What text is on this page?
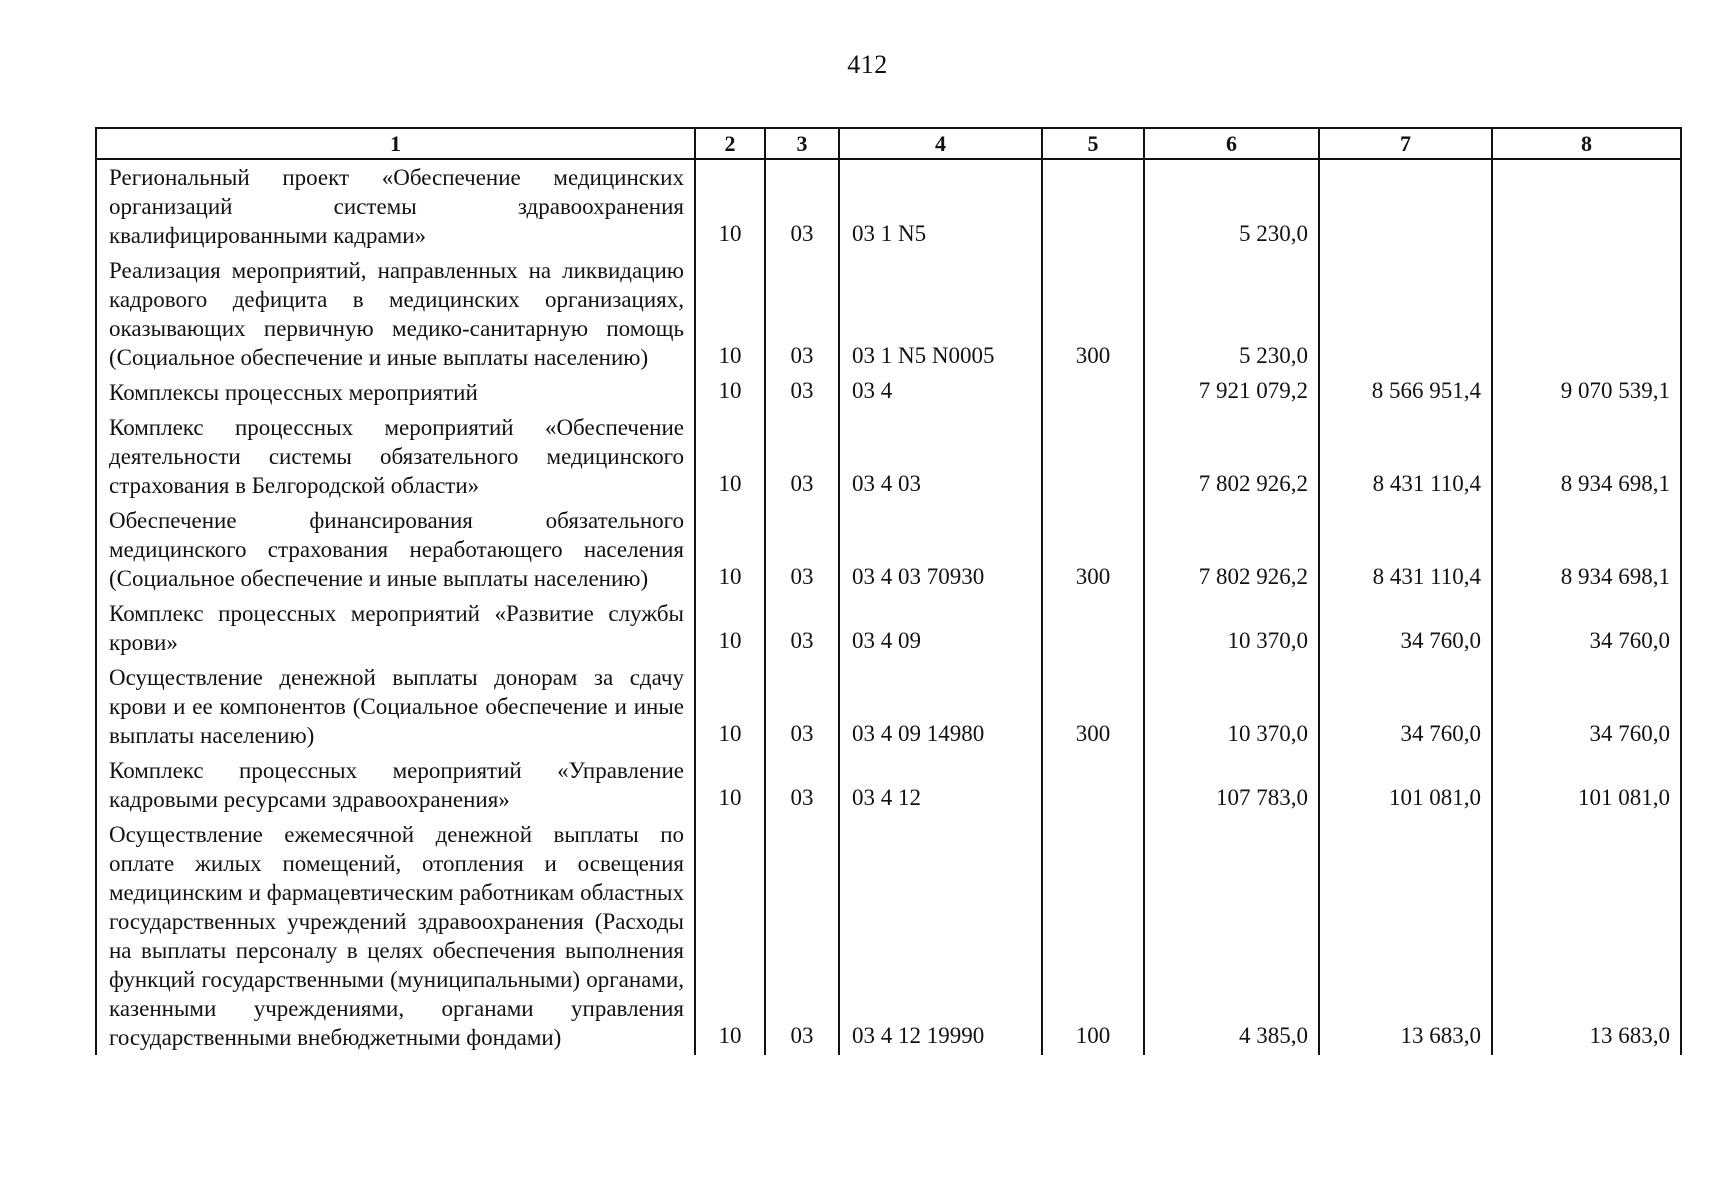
412
1	2	3	4	5	6	7	8
Региональный проект «Обеспечение медицинских организаций системы здравоохранения квалифицированными кадрами»	10	03	03 1 N5		5 230,0		
Реализация мероприятий, направленных на ликвидацию кадрового дефицита в медицинских организациях, оказывающих первичную медико-санитарную помощь (Социальное обеспечение и иные выплаты населению)	10	03	03 1 N5 N0005	300	5 230,0		
Комплексы процессных мероприятий	10	03	03 4		7 921 079,2	8 566 951,4	9 070 539,1
Комплекс процессных мероприятий «Обеспечение деятельности системы обязательного медицинского страхования в Белгородской области»	10	03	03 4 03		7 802 926,2	8 431 110,4	8 934 698,1
Обеспечение финансирования обязательного медицинского страхования неработающего населения (Социальное обеспечение и иные выплаты населению)	10	03	03 4 03 70930	300	7 802 926,2	8 431 110,4	8 934 698,1
Комплекс процессных мероприятий «Развитие службы крови»	10	03	03 4 09		10 370,0	34 760,0	34 760,0
Осуществление денежной выплаты донорам за сдачу крови и ее компонентов (Социальное обеспечение и иные выплаты населению)	10	03	03 4 09 14980	300	10 370,0	34 760,0	34 760,0
Комплекс процессных мероприятий «Управление кадровыми ресурсами здравоохранения»	10	03	03 4 12		107 783,0	101 081,0	101 081,0
Осуществление ежемесячной денежной выплаты по оплате жилых помещений, отопления и освещения медицинским и фармацевтическим работникам областных государственных учреждений здравоохранения (Расходы на выплаты персоналу в целях обеспечения выполнения функций государственными (муниципальными) органами, казенными учреждениями, органами управления государственными внебюджетными фондами)	10	03	03 4 12 19990	100	4 385,0	13 683,0	13 683,0
